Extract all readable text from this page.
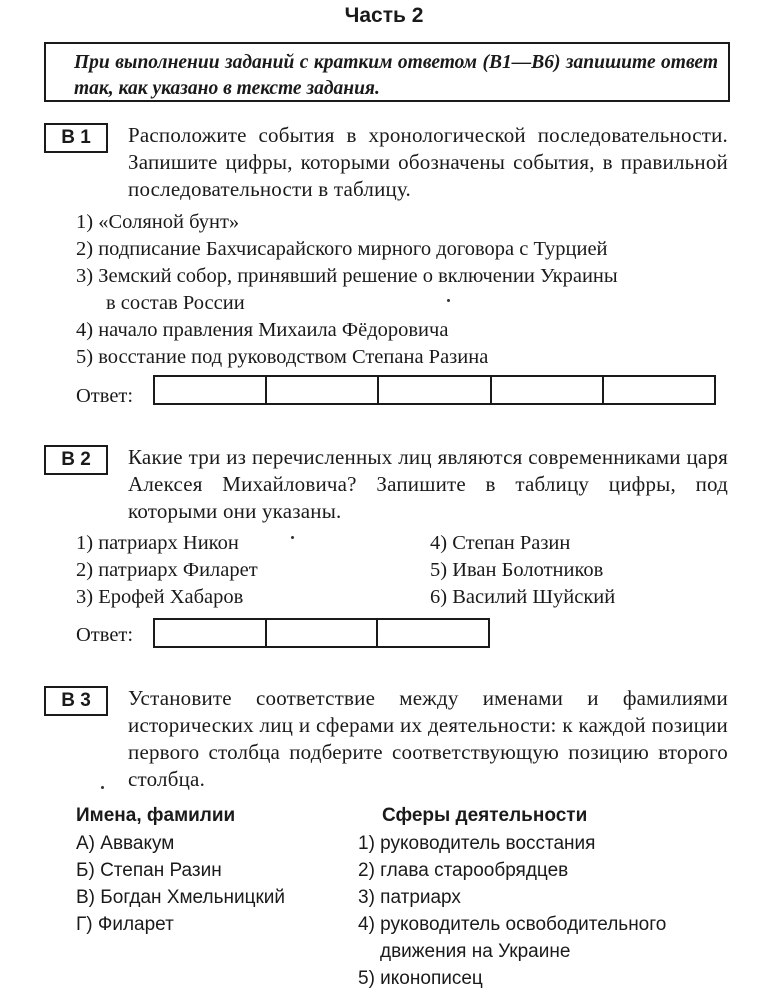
Часть 2
При выполнении заданий с кратким ответом (В1—В6) запишите ответ так, как указано в тексте задания.
В 1	Расположите события в хронологической последовательности. Запишите цифры, которыми обозначены события, в правильной последовательности в таблицу.
1) «Соляной бунт»
2) подписание Бахчисарайского мирного договора с Турцией
3) Земский собор, принявший решение о включении Украины
в состав России
4) начало правления Михаила Фёдоровича
5) восстание под руководством Степана Разина
Ответ:
В 2	Какие три из перечисленных лиц являются современниками царя Алексея Михайловича? Запишите в таблицу цифры, под которыми они указаны.
1) патриарх Никон
2) патриарх Филарет
3) Ерофей Хабаров
4) Степан Разин
5) Иван Болотников
6) Василий Шуйский
Ответ:
В 3	Установите соответствие между именами и фамилиями исторических лиц и сферами их деятельности: к каждой позиции первого столбца подберите соответствующую позицию второго столбца.
Имена, фамилии	Сферы деятельности
А) Аввакум
Б) Степан Разин
В) Богдан Хмельницкий
Г) Филарет
1) руководитель восстания
2) глава старообрядцев
3) патриарх
4) руководитель освободительного
движения на Украине
5) иконописец
